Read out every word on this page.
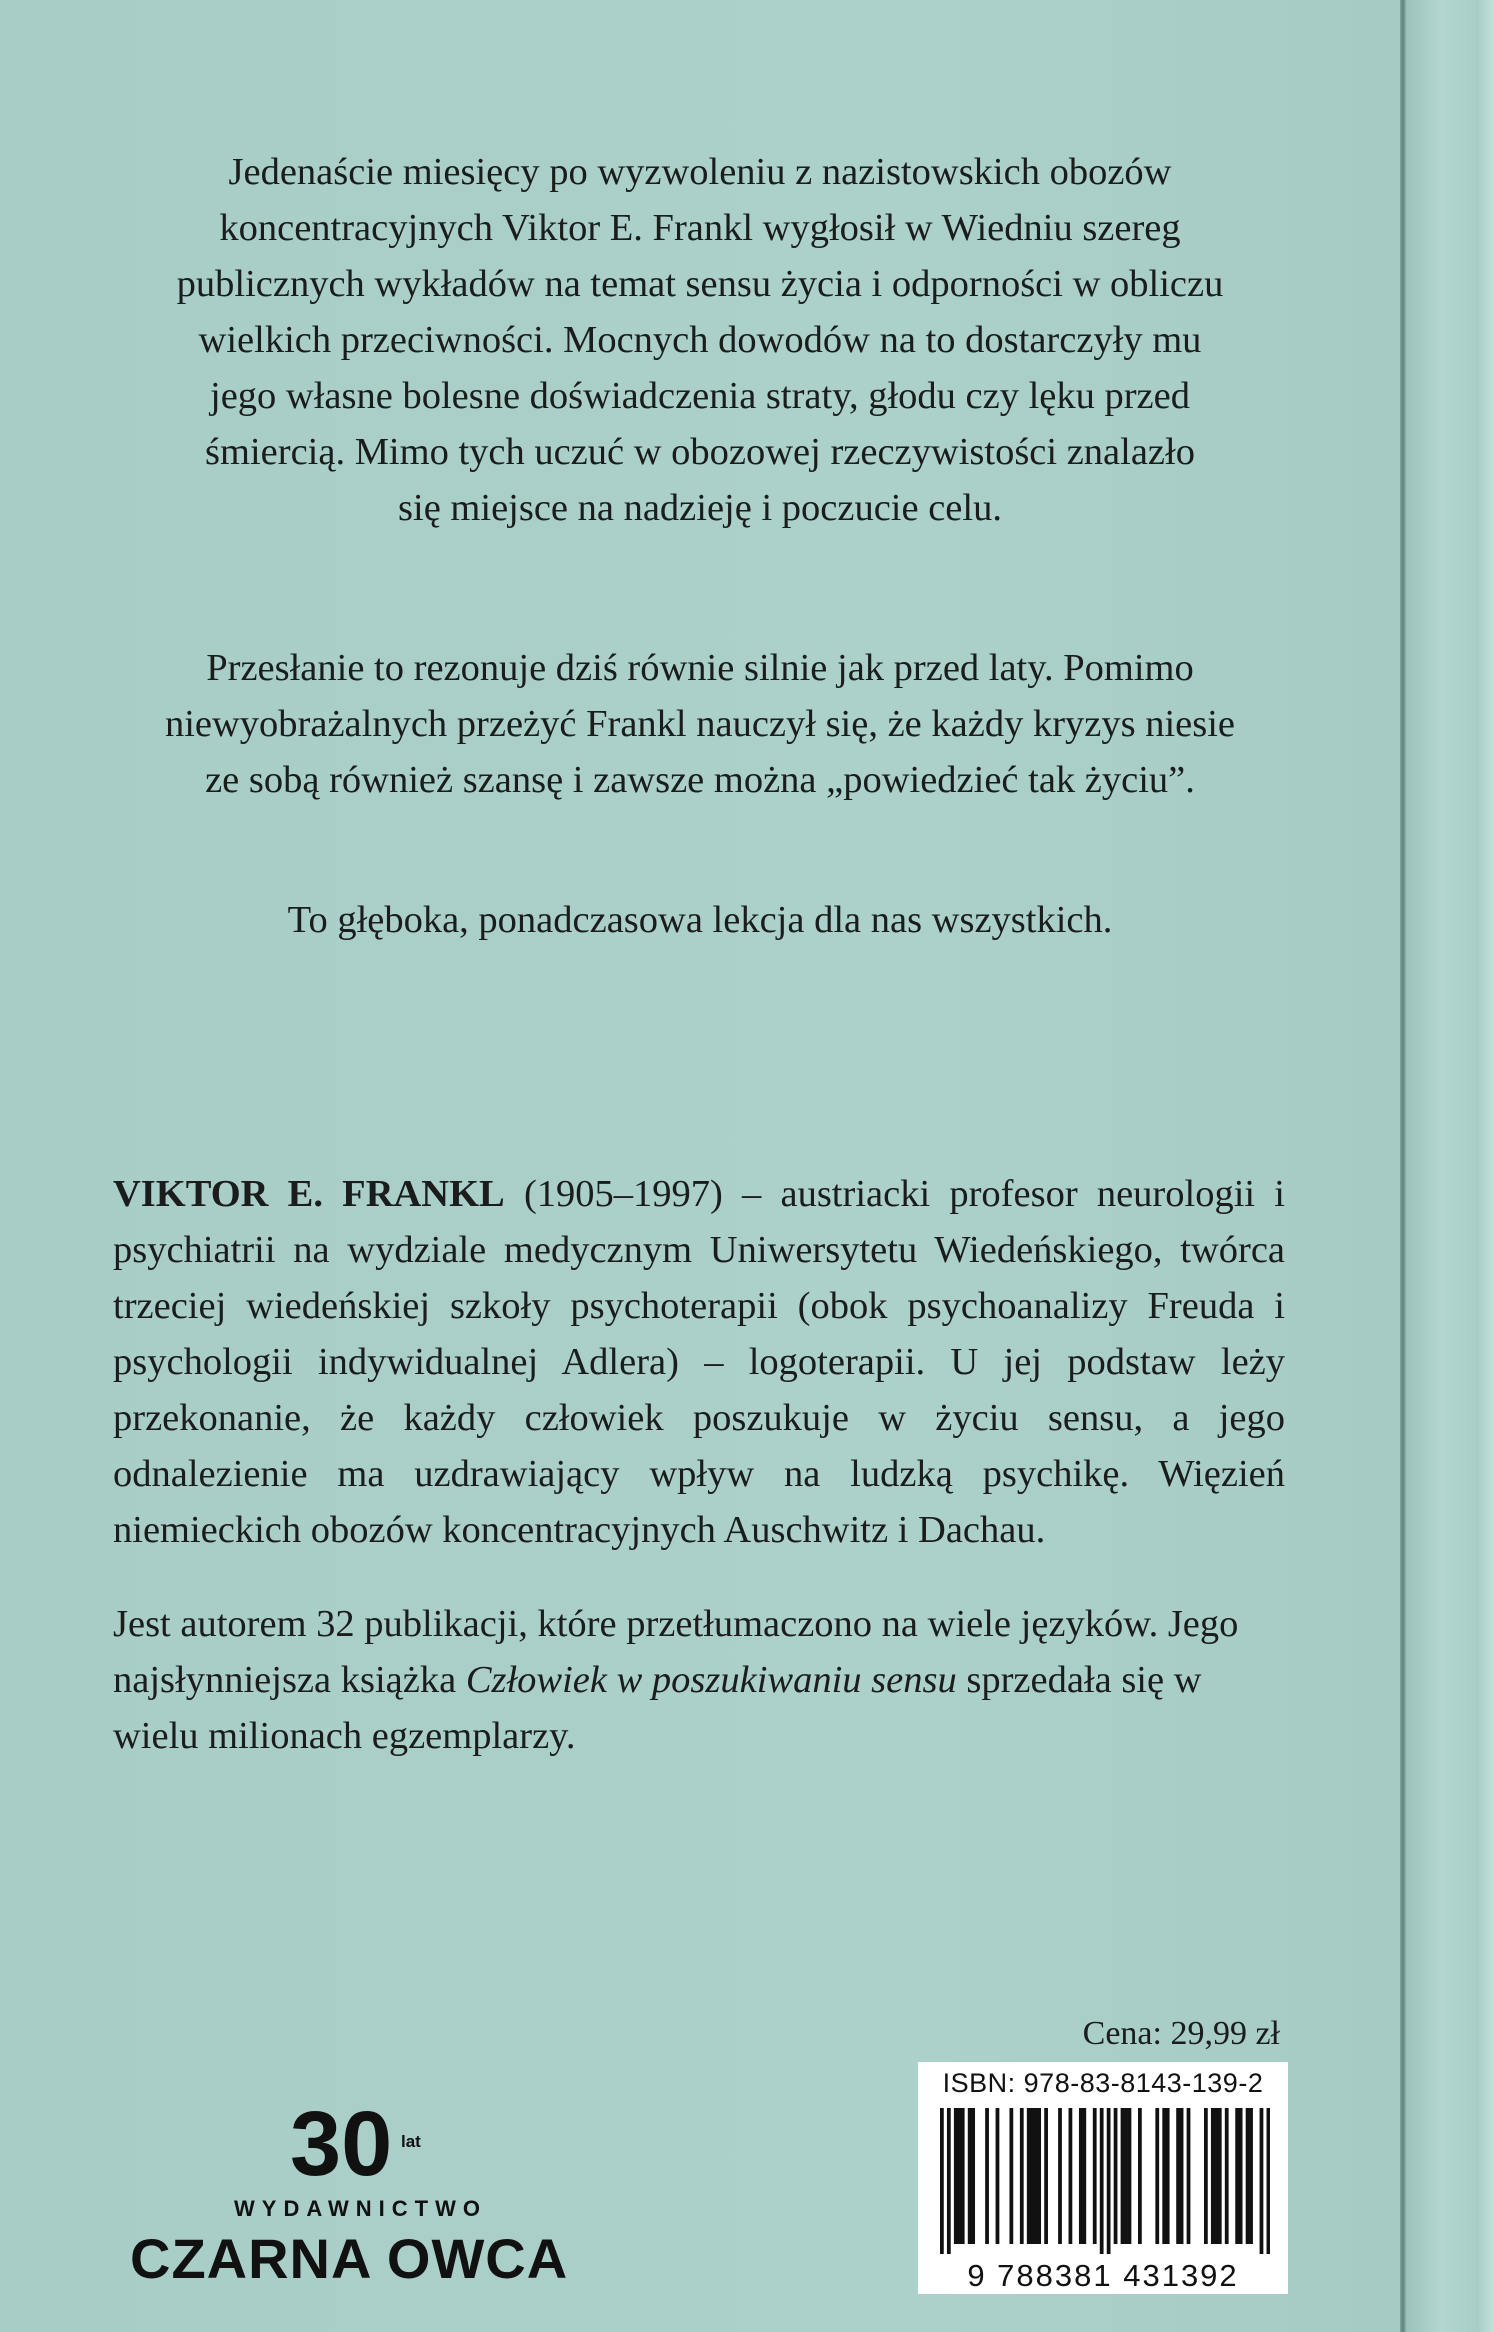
Jedenaście miesięcy po wyzwoleniu z nazistowskich obozów
koncentracyjnych Viktor E. Frankl wygłosił w Wiedniu szereg
publicznych wykładów na temat sensu życia i odporności w obliczu
wielkich przeciwności. Mocnych dowodów na to dostarczyły mu
jego własne bolesne doświadczenia straty, głodu czy lęku przed
śmiercią. Mimo tych uczuć w obozowej rzeczywistości znalazło
się miejsce na nadzieję i poczucie celu.
Przesłanie to rezonuje dziś równie silnie jak przed laty. Pomimo
niewyobrażalnych przeżyć Frankl nauczył się, że każdy kryzys niesie
ze sobą również szansę i zawsze można „powiedzieć tak życiu”.
To głęboka, ponadczasowa lekcja dla nas wszystkich.
VIKTOR E. FRANKL (1905–1997) – austriacki profesor neurologii i psychiatrii na wydziale medycznym Uniwersytetu Wiedeńskiego, twórca trzeciej wiedeńskiej szkoły psychoterapii (obok psychoanalizy Freuda i psychologii indywidualnej Adlera) – logoterapii. U jej podstaw leży przekonanie, że każdy człowiek poszukuje w życiu sensu, a jego odnalezienie ma uzdrawiający wpływ na ludzką psychikę. Więzień niemieckich obozów koncentracyjnych Auschwitz i Dachau.
Jest autorem 32 publikacji, które przetłumaczono na wiele języków. Jego najsłynniejsza książka Człowiek w poszukiwaniu sensu sprzedała się w wielu milionach egzemplarzy.
Cena: 29,99 zł
ISBN: 978-83-8143-139-2
9 788381 431392
30 lat
WYDAWNICTWO
CZARNA OWCA
